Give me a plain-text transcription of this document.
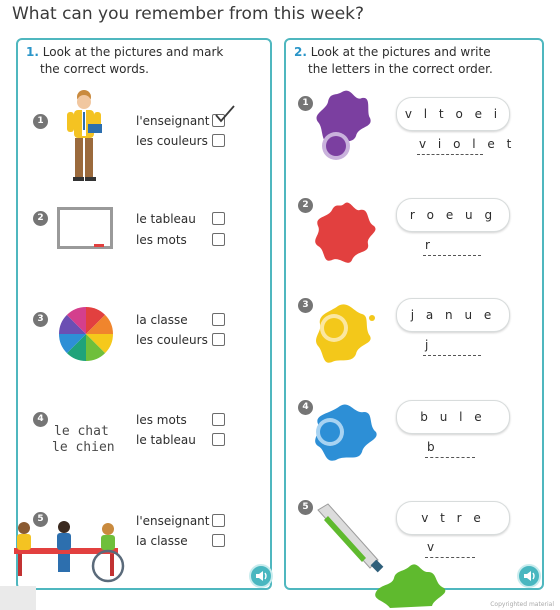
What can you remember from this week?
1. Look at the pictures and mark
the correct words.
1	l'enseignant
les couleurs
2	le tableau
les mots
3	la classe
les couleurs
4
le chat
le chien
les mots
le tableau
5	l'enseignant
la classe
2. Look at the pictures and write
the letters in the correct order.
1
v l t o e i
v i o l e t
2
r o e u g
r
3
j a n u e
j
4
b u l e
b
5
v t r e
v
Copyrighted material
